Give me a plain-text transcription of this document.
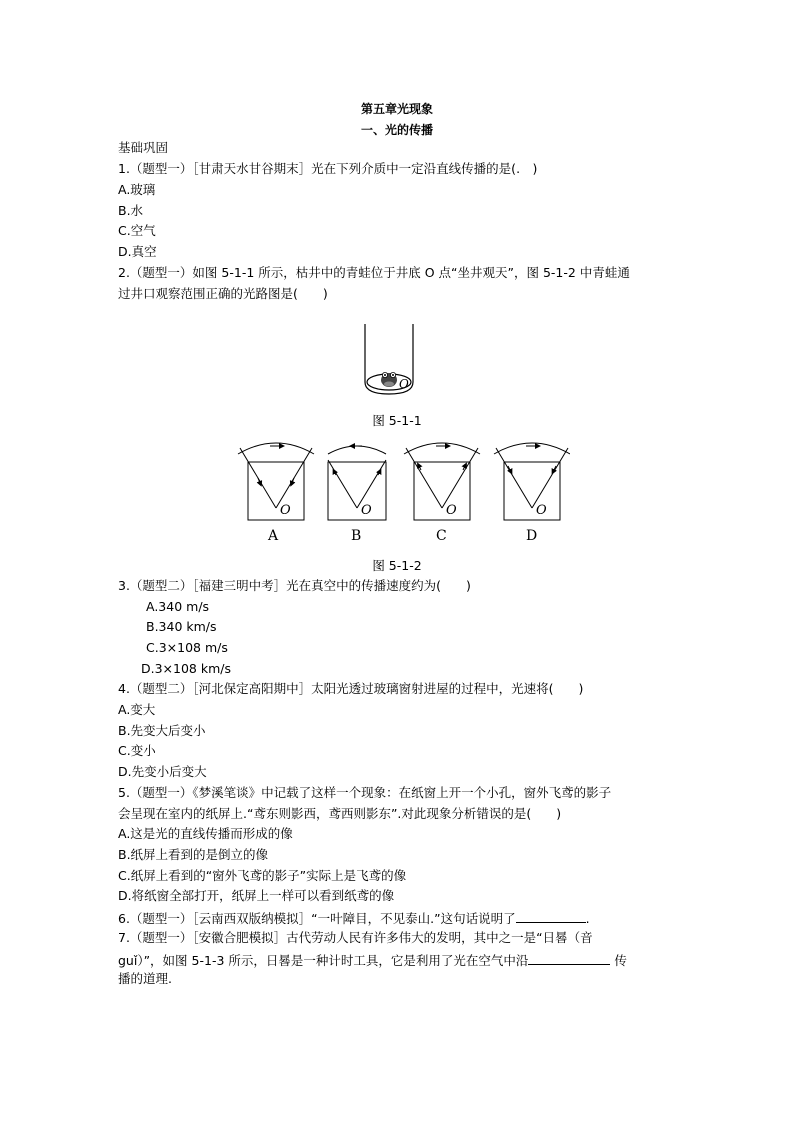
第五章光现象
一、光的传播
基础巩固
1.（题型一）［甘肃天水甘谷期末］光在下列介质中一定沿直线传播的是(.　)
A.玻璃
B.水
C.空气
D.真空
2.（题型一）如图 5-1-1 所示，枯井中的青蛙位于井底 O 点“坐井观天”，图 5-1-2 中青蛙通
过井口观察范围正确的光路图是(　　)
O
图 5-1-1
O
A
O
B
O
C
O
D
图 5-1-2
3.（题型二）［福建三明中考］光在真空中的传播速度约为(　　)
A.340 m/s
B.340 km/s
C.3×108 m/s
D.3×108 km/s
4.（题型二）［河北保定高阳期中］太阳光透过玻璃窗射进屋的过程中，光速将(　　)
A.变大
B.先变大后变小
C.变小
D.先变小后变大
5.（题型一）《梦溪笔谈》中记载了这样一个现象：在纸窗上开一个小孔，窗外飞鸢的影子
会呈现在室内的纸屏上.“鸢东则影西，鸢西则影东”.对此现象分析错误的是(　　)
A.这是光的直线传播而形成的像
B.纸屏上看到的是倒立的像
C.纸屏上看到的“窗外飞鸢的影子”实际上是飞鸢的像
D.将纸窗全部打开，纸屏上一样可以看到纸鸢的像
6.（题型一）［云南西双版纳模拟］“一叶障目，不见泰山.”这句话说明了	.
7.（题型一）［安徽合肥模拟］古代劳动人民有许多伟大的发明，其中之一是“日晷（音
guǐ）”，如图 5-1-3 所示，日晷是一种计时工具，它是利用了光在空气中沿	传
播的道理.
